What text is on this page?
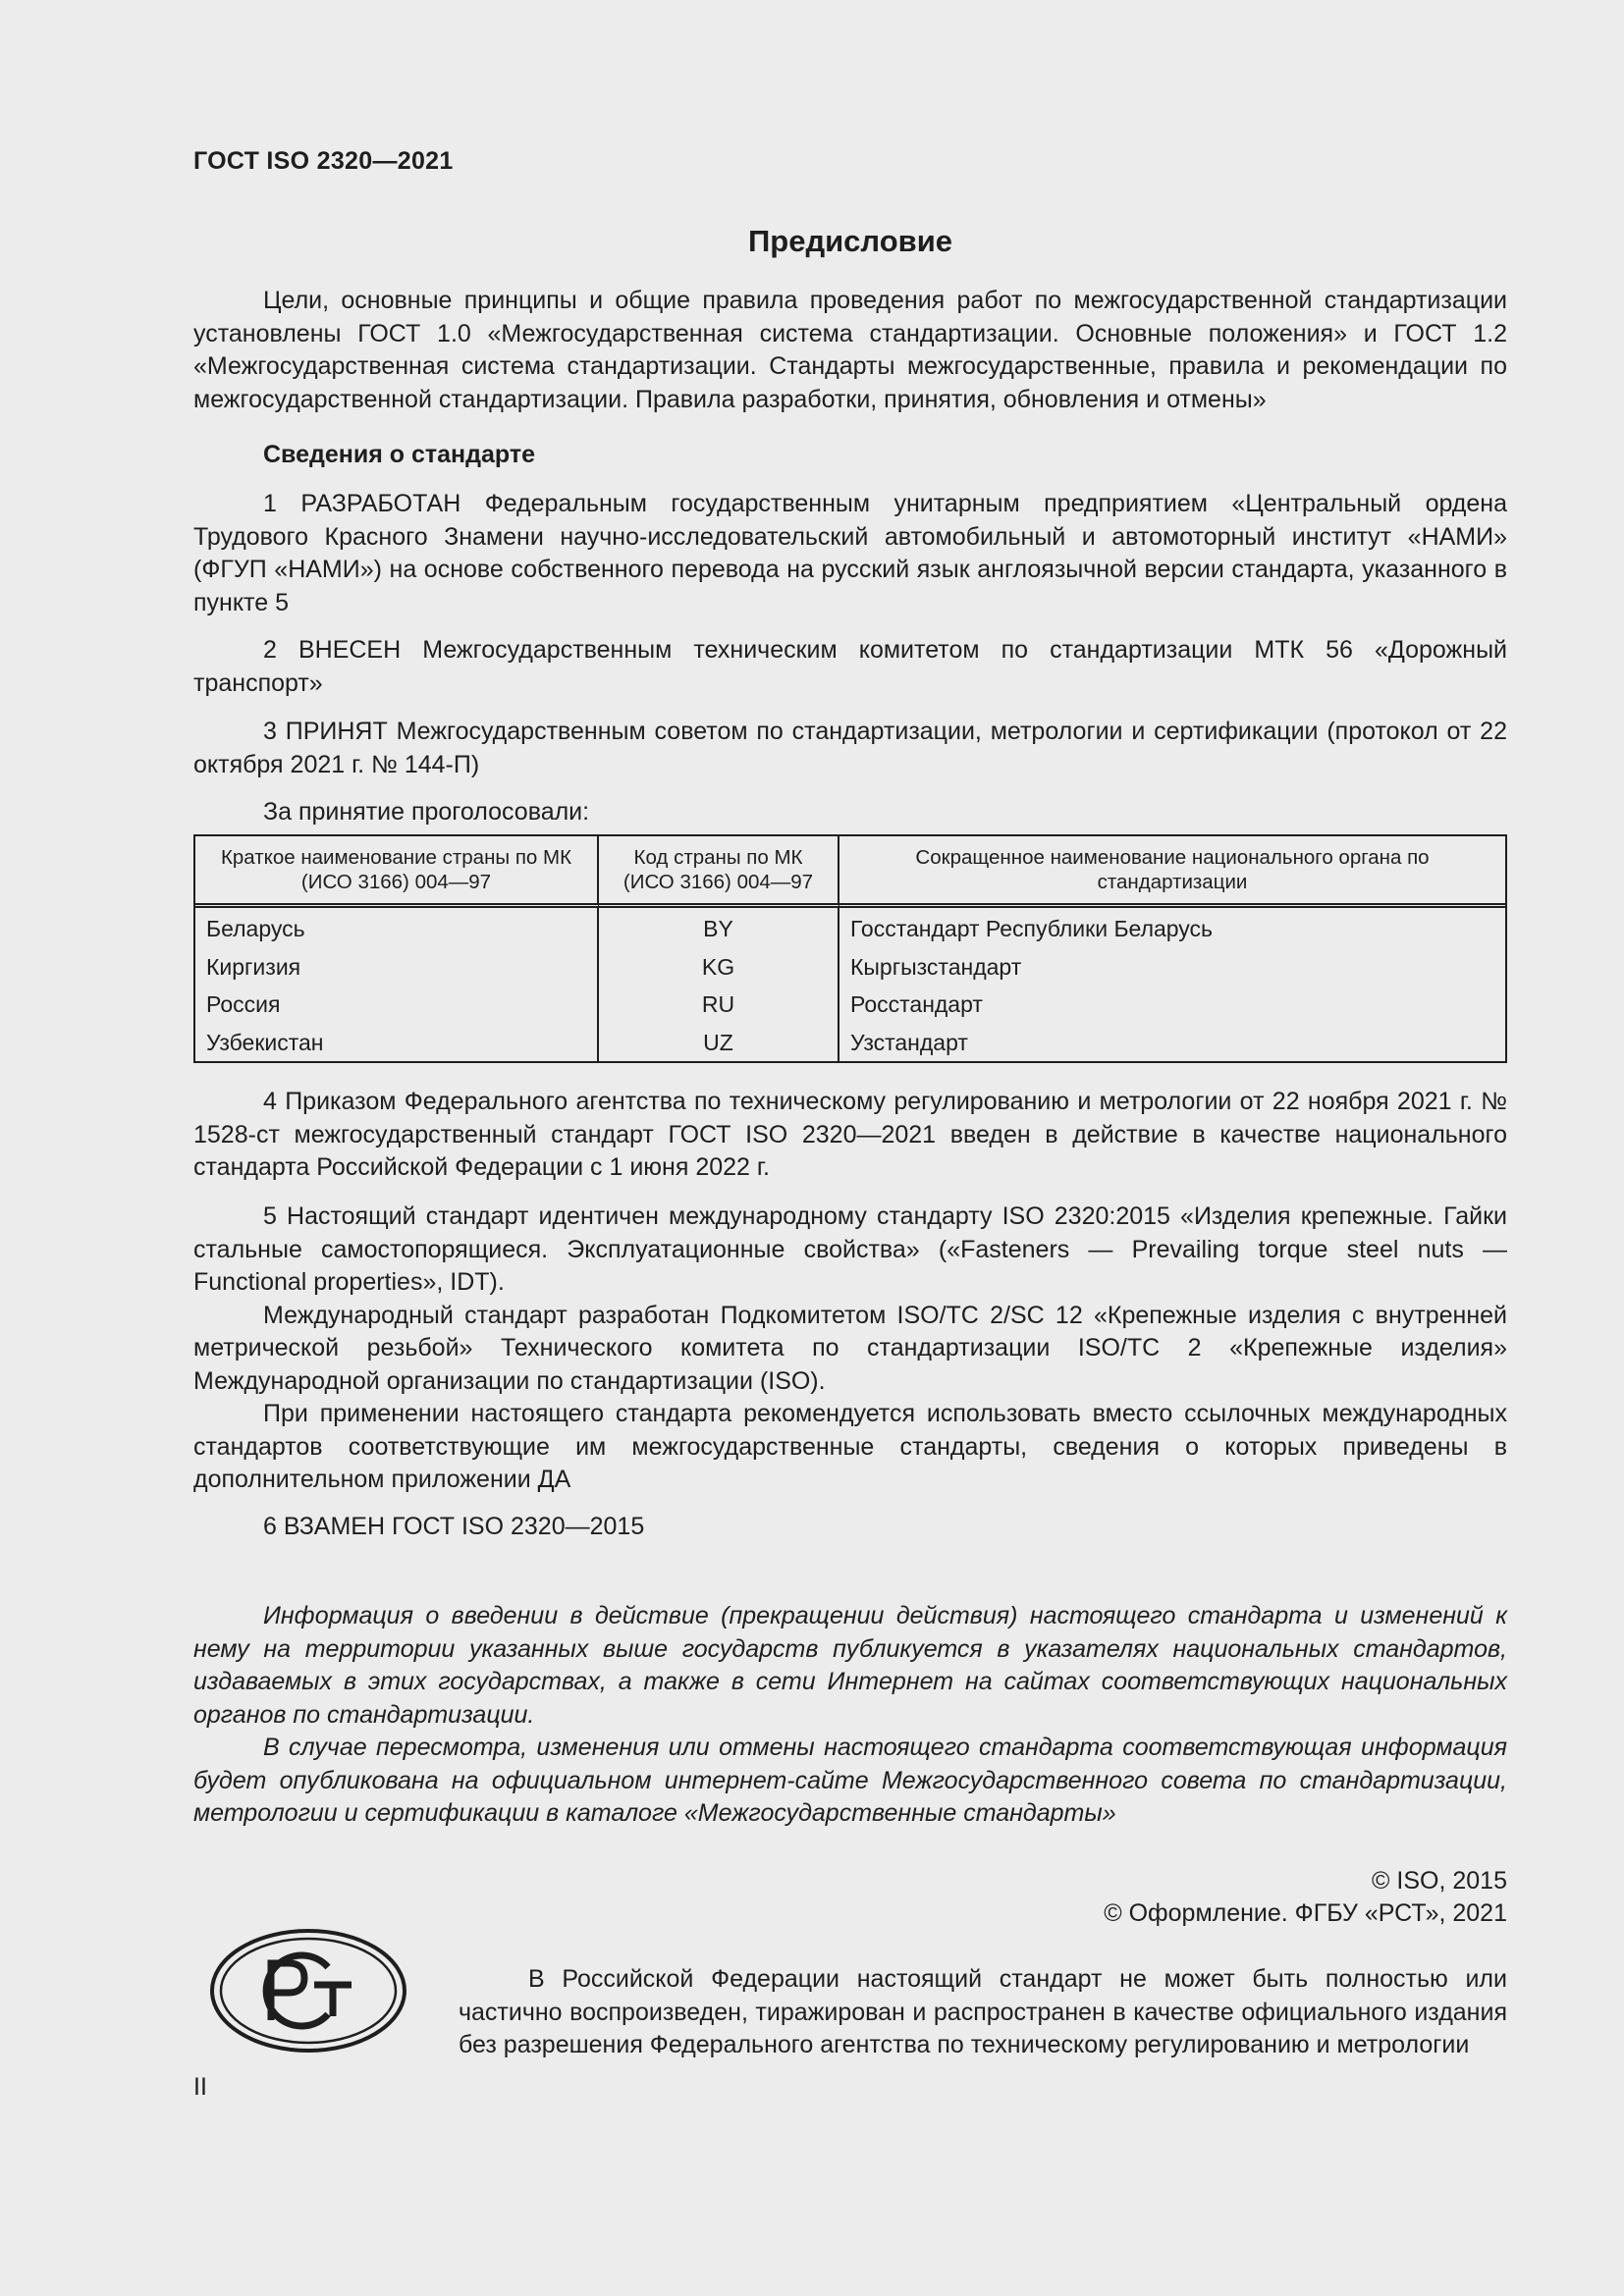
ГОСТ ISO 2320—2021
Предисловие

Цели, основные принципы и общие правила проведения работ по межгосударственной стандартизации установлены ГОСТ 1.0 «Межгосударственная система стандартизации. Основные положения» и ГОСТ 1.2 «Межгосударственная система стандартизации. Стандарты межгосударственные, правила и рекомендации по межгосударственной стандартизации. Правила разработки, принятия, обновления и отмены»

Сведения о стандарте

1 РАЗРАБОТАН Федеральным государственным унитарным предприятием «Центральный ордена Трудового Красного Знамени научно-исследовательский автомобильный и автомоторный институт «НАМИ» (ФГУП «НАМИ») на основе собственного перевода на русский язык англоязычной версии стандарта, указанного в пункте 5

2 ВНЕСЕН Межгосударственным техническим комитетом по стандартизации МТК 56 «Дорожный транспорт»

3 ПРИНЯТ Межгосударственным советом по стандартизации, метрологии и сертификации (протокол от 22 октября 2021 г. № 144-П)

За принятие проголосовали:

Краткое наименование страны по МК (ИСО 3166) 004—97	Код страны по МК (ИСО 3166) 004—97	Сокращенное наименование национального органа по стандартизации
Беларусь	BY	Госстандарт Республики Беларусь
Киргизия	KG	Кыргызстандарт
Россия	RU	Росстандарт
Узбекистан	UZ	Узстандарт

4 Приказом Федерального агентства по техническому регулированию и метрологии от 22 ноября 2021 г. № 1528-ст межгосударственный стандарт ГОСТ ISO 2320—2021 введен в действие в качестве национального стандарта Российской Федерации с 1 июня 2022 г.

5 Настоящий стандарт идентичен международному стандарту ISO 2320:2015 «Изделия крепежные. Гайки стальные самостопорящиеся. Эксплуатационные свойства» («Fasteners — Prevailing torque steel nuts — Functional properties», IDT).

Международный стандарт разработан Подкомитетом ISO/TC 2/SC 12 «Крепежные изделия с внутренней метрической резьбой» Технического комитета по стандартизации ISO/TC 2 «Крепежные изделия» Международной организации по стандартизации (ISO).

При применении настоящего стандарта рекомендуется использовать вместо ссылочных международных стандартов соответствующие им межгосударственные стандарты, сведения о которых приведены в дополнительном приложении ДА

6 ВЗАМЕН ГОСТ ISO 2320—2015

Информация о введении в действие (прекращении действия) настоящего стандарта и изменений к нему на территории указанных выше государств публикуется в указателях национальных стандартов, издаваемых в этих государствах, а также в сети Интернет на сайтах соответствующих национальных органов по стандартизации.

В случае пересмотра, изменения или отмены настоящего стандарта соответствующая информация будет опубликована на официальном интернет-сайте Межгосударственного совета по стандартизации, метрологии и сертификации в каталоге «Межгосударственные стандарты»

© ISO, 2015
© Оформление. ФГБУ «РСТ», 2021

В Российской Федерации настоящий стандарт не может быть полностью или частично воспроизведен, тиражирован и распространен в качестве официального издания без разрешения Федерального агентства по техническому регулированию и метрологии

II
